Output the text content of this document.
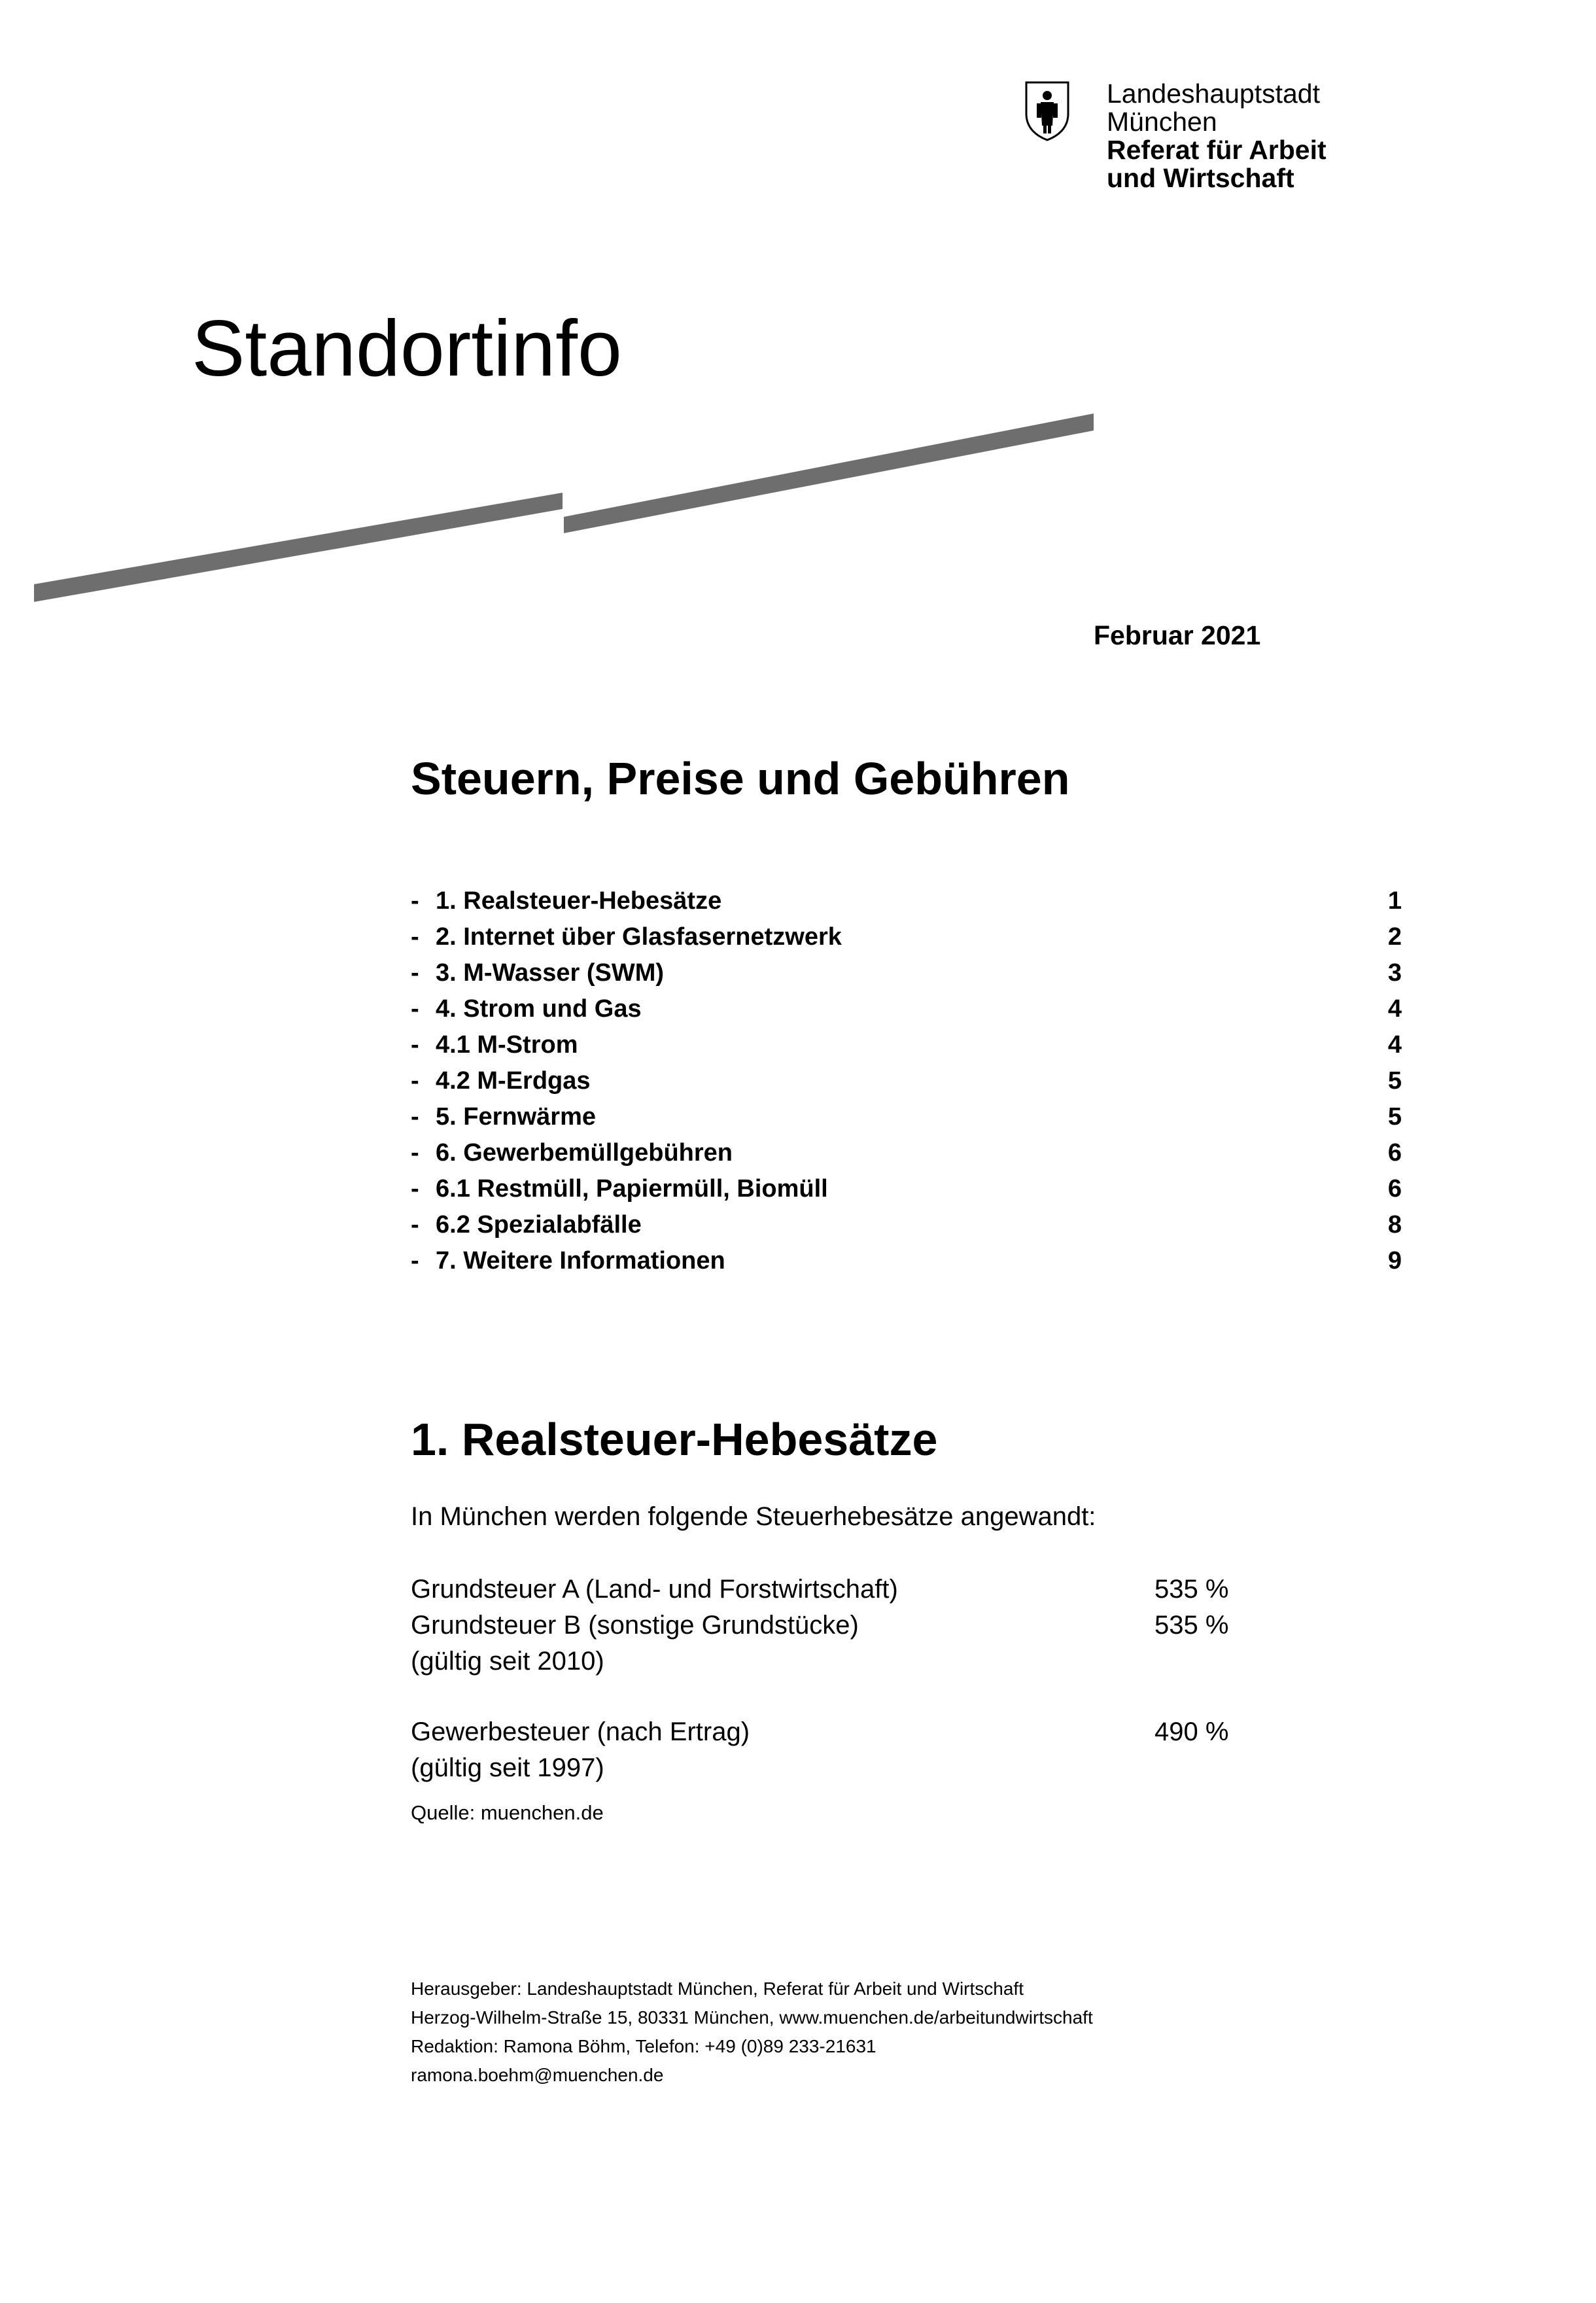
Landeshauptstadt
München
Referat für Arbeit
und Wirtschaft
Standortinfo
Februar 2021
Steuern, Preise und Gebühren
- 1. Realsteuer-Hebesätze	1
- 2. Internet über Glasfasernetzwerk	2
- 3. M-Wasser (SWM)	3
- 4. Strom und Gas	4
- 4.1 M-Strom	4
- 4.2 M-Erdgas	5
- 5. Fernwärme	5
- 6. Gewerbemüllgebühren	6
- 6.1 Restmüll, Papiermüll, Biomüll	6
- 6.2 Spezialabfälle	8
- 7. Weitere Informationen	9
1. Realsteuer-Hebesätze
In München werden folgende Steuerhebesätze angewandt:
Grundsteuer A (Land- und Forstwirtschaft)	535 %
Grundsteuer B (sonstige Grundstücke)	535 %
(gültig seit 2010)
Gewerbesteuer (nach Ertrag)	490 %
(gültig seit 1997)
Quelle: muenchen.de
Herausgeber: Landeshauptstadt München, Referat für Arbeit und Wirtschaft
Herzog-Wilhelm-Straße 15, 80331 München, www.muenchen.de/arbeitundwirtschaft
Redaktion: Ramona Böhm, Telefon: +49 (0)89 233-21631
ramona.boehm@muenchen.de
